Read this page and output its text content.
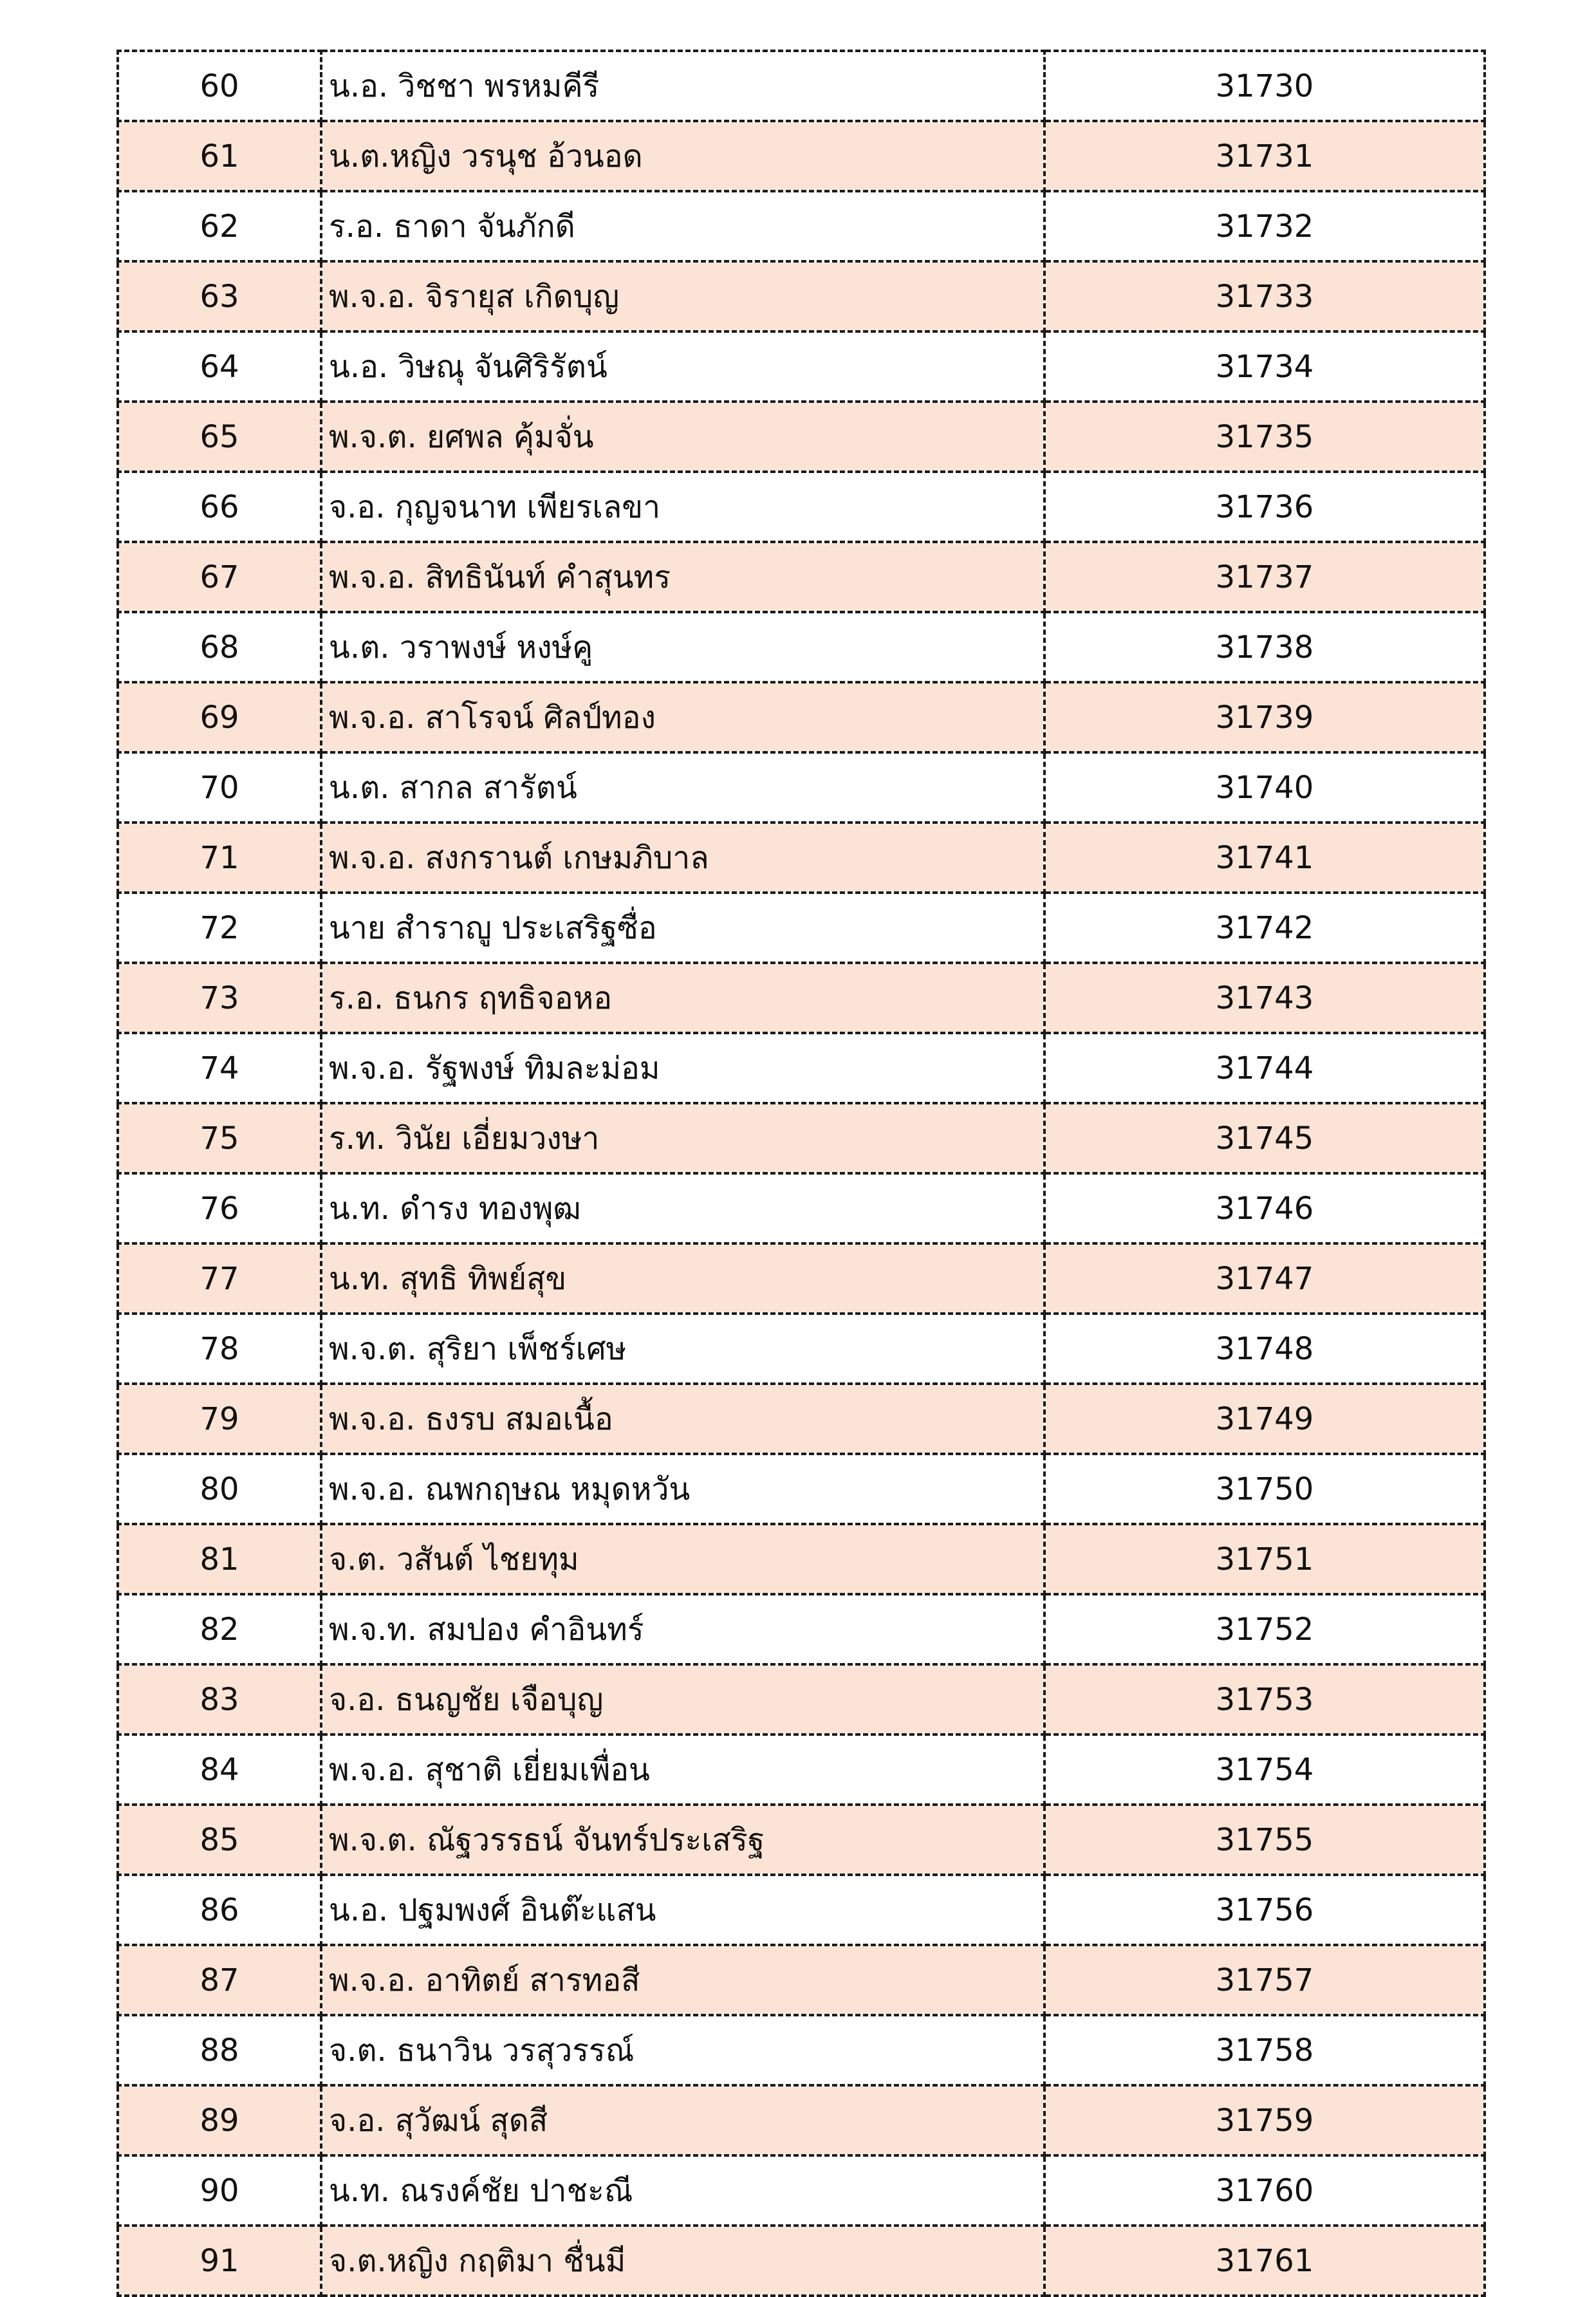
60	น.อ. วิชชา พรหมคีรี	31730
61	น.ต.หญิง วรนุช อ้วนอด	31731
62	ร.อ. ธาดา จันภักดี	31732
63	พ.จ.อ. จิรายุส เกิดบุญ	31733
64	น.อ. วิษณุ จันศิริรัตน์	31734
65	พ.จ.ต. ยศพล คุ้มจั่น	31735
66	จ.อ. กุญจนาท เพียรเลขา	31736
67	พ.จ.อ. สิทธินันท์ คำสุนทร	31737
68	น.ต. วราพงษ์ หงษ์คู	31738
69	พ.จ.อ. สาโรจน์ ศิลป์ทอง	31739
70	น.ต. สากล สารัตน์	31740
71	พ.จ.อ. สงกรานต์ เกษมภิบาล	31741
72	นาย สำราญู ประเสริฐซื่อ	31742
73	ร.อ. ธนกร ฤทธิจอหอ	31743
74	พ.จ.อ. รัฐพงษ์ ทิมละม่อม	31744
75	ร.ท. วินัย เอี่ยมวงษา	31745
76	น.ท. ดำรง ทองพุฒ	31746
77	น.ท. สุทธิ ทิพย์สุข	31747
78	พ.จ.ต. สุริยา เพ็ชร์เศษ	31748
79	พ.จ.อ. ธงรบ สมอเนื้อ	31749
80	พ.จ.อ. ณพกฤษณ หมุดหวัน	31750
81	จ.ต. วสันต์ ไชยทุม	31751
82	พ.จ.ท. สมปอง คำอินทร์	31752
83	จ.อ. ธนญชัย เจือบุญ	31753
84	พ.จ.อ. สุชาติ เยี่ยมเพื่อน	31754
85	พ.จ.ต. ณัฐวรรธน์ จันทร์ประเสริฐ	31755
86	น.อ. ปฐมพงศ์ อินต๊ะแสน	31756
87	พ.จ.อ. อาทิตย์ สารทอสี	31757
88	จ.ต. ธนาวิน วรสุวรรณ์	31758
89	จ.อ. สุวัฒน์ สุดสี	31759
90	น.ท. ณรงค์ชัย ปาชะณี	31760
91	จ.ต.หญิง กฤติมา ชื่นมี	31761
